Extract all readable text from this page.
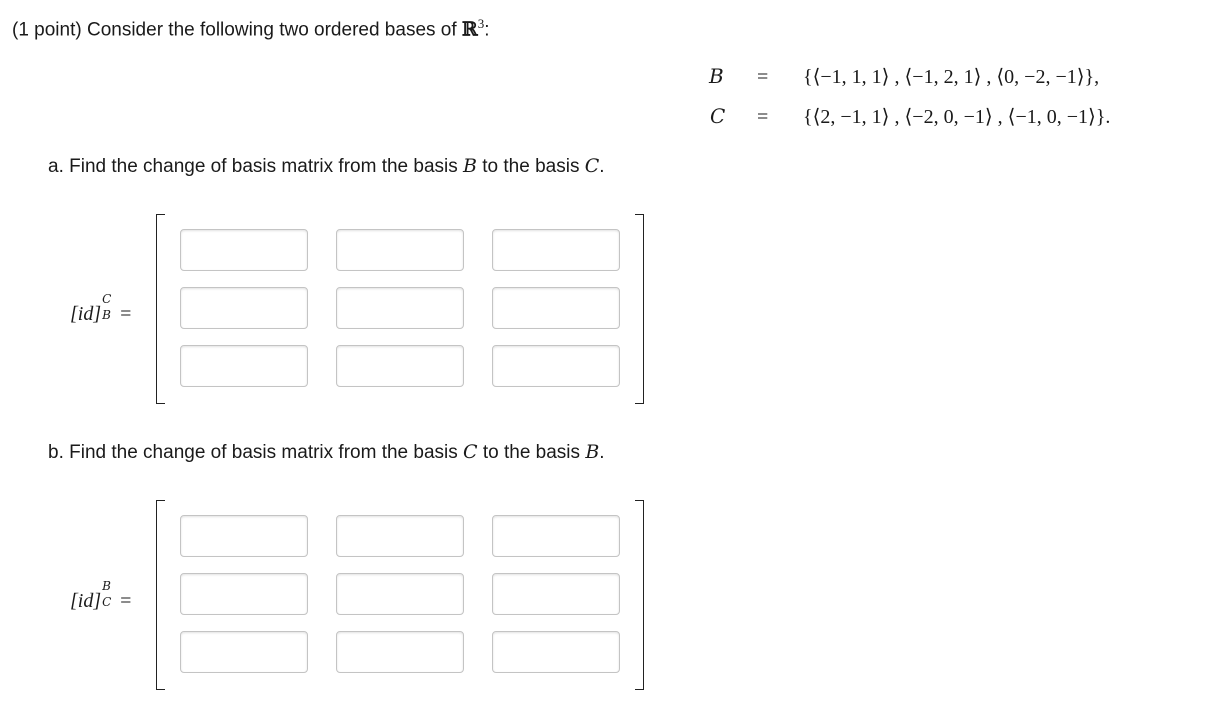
(1 point) Consider the following two ordered bases of ℝ$^3$:
B = {⟨−1, 1, 1⟩ , ⟨−1, 2, 1⟩ , ⟨0, −2, −1⟩},
C = {⟨2, −1, 1⟩ , ⟨−2, 0, −1⟩ , ⟨−1, 0, −1⟩}.
a. Find the change of basis matrix from the basis B to the basis C.
[id]
C
B =
b. Find the change of basis matrix from the basis C to the basis B.
[id]
B
C =
